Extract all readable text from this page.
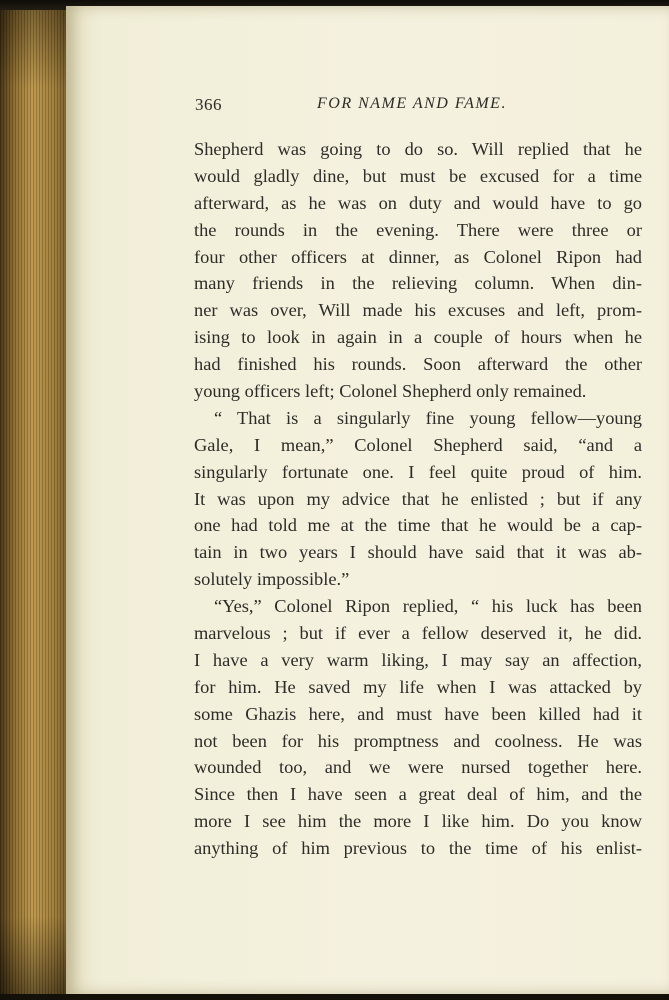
366	FOR NAME AND FAME.
Shepherd was going to do so. Will replied that he
would gladly dine, but must be excused for a time
afterward, as he was on duty and would have to go
the rounds in the evening. There were three or
four other officers at dinner, as Colonel Ripon had
many friends in the relieving column. When din-
ner was over, Will made his excuses and left, prom-
ising to look in again in a couple of hours when he
had finished his rounds. Soon afterward the other
young officers left; Colonel Shepherd only remained.
“ That is a singularly fine young fellow—young
Gale, I mean,” Colonel Shepherd said, “and a
singularly fortunate one. I feel quite proud of him.
It was upon my advice that he enlisted ; but if any
one had told me at the time that he would be a cap-
tain in two years I should have said that it was ab-
solutely impossible.”
“Yes,” Colonel Ripon replied, “ his luck has been
marvelous ; but if ever a fellow deserved it, he did.
I have a very warm liking, I may say an affection,
for him. He saved my life when I was attacked by
some Ghazis here, and must have been killed had it
not been for his promptness and coolness. He was
wounded too, and we were nursed together here.
Since then I have seen a great deal of him, and the
more I see him the more I like him. Do you know
anything of him previous to the time of his enlist-
